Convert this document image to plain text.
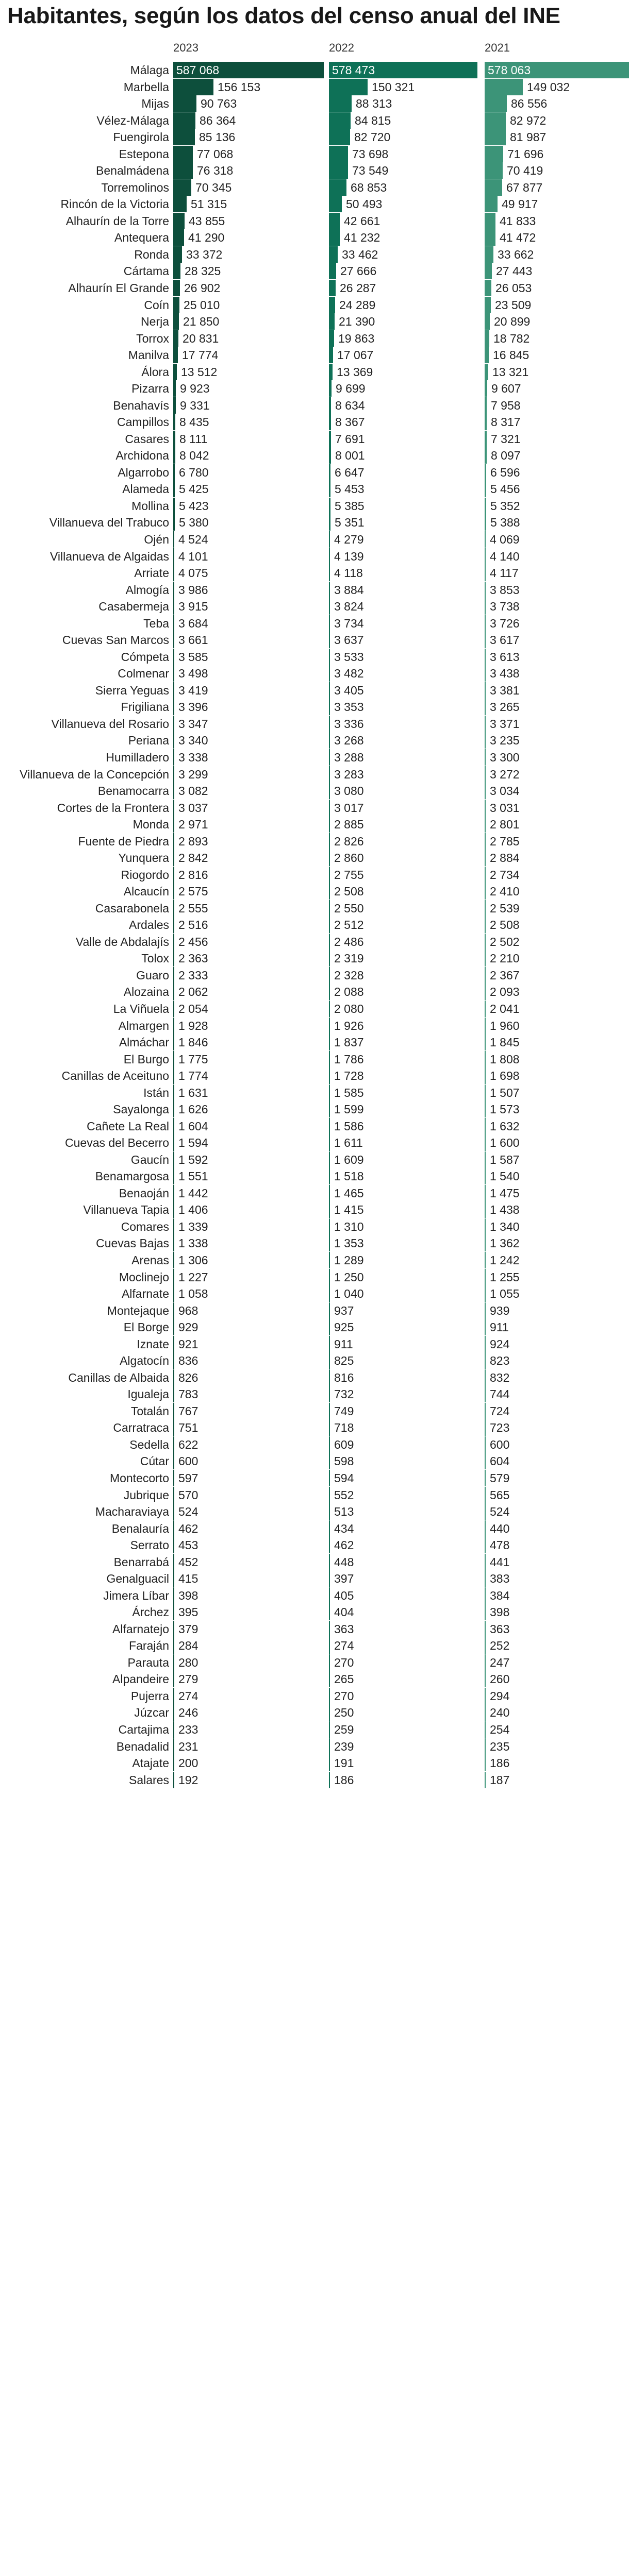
Habitantes, según los datos del censo anual del INE
2023	2022	2021
Málaga 587 068	578 473	578 063
Marbella	156 153	150 321	149 032
Mijas	90 763	88 313	86 556
Vélez-Málaga	86 364	84 815	82 972
Fuengirola	85 136	82 720	81 987
Estepona 77 068	73 698	71 696
Benalmádena 76 318	73 549	70 419
Torremolinos 70 345	68 853	67 877
Rincón de la Victoria 51 315	50 493	49 917
Alhaurín de la Torre 43 855	42 661	41 833
Antequera 41 290	41 232	41 472
Ronda 33 372	33 462	33 662
Cártama 28 325	27 666	27 443
Alhaurín El Grande 26 902	26 287	26 053
Coín 25 010	24 289	23 509
Nerja 21 850	21 390	20 899
Torrox 20 831	19 863	18 782
Manilva 17 774	17 067	16 845
Álora 13 512	13 369	13 321
Pizarra 9 923	9 699	9 607
Benahavís 9 331	8 634	7 958
Campillos 8 435	8 367	8 317
Casares 8 111	7 691	7 321
Archidona 8 042	8 001	8 097
Algarrobo 6 780	6 647	6 596
Alameda 5 425	5 453	5 456
Mollina 5 423	5 385	5 352
Villanueva del Trabuco 5 380	5 351	5 388
Ojén 4 524	4 279	4 069
Villanueva de Algaidas 4 101	4 139	4 140
Arriate 4 075	4 118	4 117
Almogía 3 986	3 884	3 853
Casabermeja 3 915	3 824	3 738
Teba 3 684	3 734	3 726
Cuevas San Marcos 3 661	3 637	3 617
Cómpeta 3 585	3 533	3 613
Colmenar 3 498	3 482	3 438
Sierra Yeguas 3 419	3 405	3 381
Frigiliana 3 396	3 353	3 265
Villanueva del Rosario 3 347	3 336	3 371
Periana 3 340	3 268	3 235
Humilladero 3 338	3 288	3 300
Villanueva de la Concepción 3 299	3 283	3 272
Benamocarra 3 082	3 080	3 034
Cortes de la Frontera 3 037	3 017	3 031
Monda 2 971	2 885	2 801
Fuente de Piedra 2 893	2 826	2 785
Yunquera 2 842	2 860	2 884
Riogordo 2 816	2 755	2 734
Alcaucín 2 575	2 508	2 410
Casarabonela 2 555	2 550	2 539
Ardales 2 516	2 512	2 508
Valle de Abdalajís 2 456	2 486	2 502
Tolox 2 363	2 319	2 210
Guaro 2 333	2 328	2 367
Alozaina 2 062	2 088	2 093
La Viñuela 2 054	2 080	2 041
Almargen 1 928	1 926	1 960
Almáchar 1 846	1 837	1 845
El Burgo 1 775	1 786	1 808
Canillas de Aceituno 1 774	1 728	1 698
Istán 1 631	1 585	1 507
Sayalonga 1 626	1 599	1 573
Cañete La Real 1 604	1 586	1 632
Cuevas del Becerro 1 594	1 611	1 600
Gaucín 1 592	1 609	1 587
Benamargosa 1 551	1 518	1 540
Benaoján 1 442	1 465	1 475
Villanueva Tapia 1 406	1 415	1 438
Comares 1 339	1 310	1 340
Cuevas Bajas 1 338	1 353	1 362
Arenas 1 306	1 289	1 242
Moclinejo 1 227	1 250	1 255
Alfarnate 1 058	1 040	1 055
Montejaque 968	937	939
El Borge 929	925	911
Iznate 921	911	924
Algatocín 836	825	823
Canillas de Albaida 826	816	832
Igualeja 783	732	744
Totalán 767	749	724
Carratraca 751	718	723
Sedella 622	609	600
Cútar 600	598	604
Montecorto 597	594	579
Jubrique 570	552	565
Macharaviaya 524	513	524
Benalauría 462	434	440
Serrato 453	462	478
Benarrabá 452	448	441
Genalguacil 415	397	383
Jimera Líbar 398	405	384
Árchez 395	404	398
Alfarnatejo 379	363	363
Faraján 284	274	252
Parauta 280	270	247
Alpandeire 279	265	260
Pujerra 274	270	294
Júzcar 246	250	240
Cartajima 233	259	254
Benadalid 231	239	235
Atajate 200	191	186
Salares 192	186	187
